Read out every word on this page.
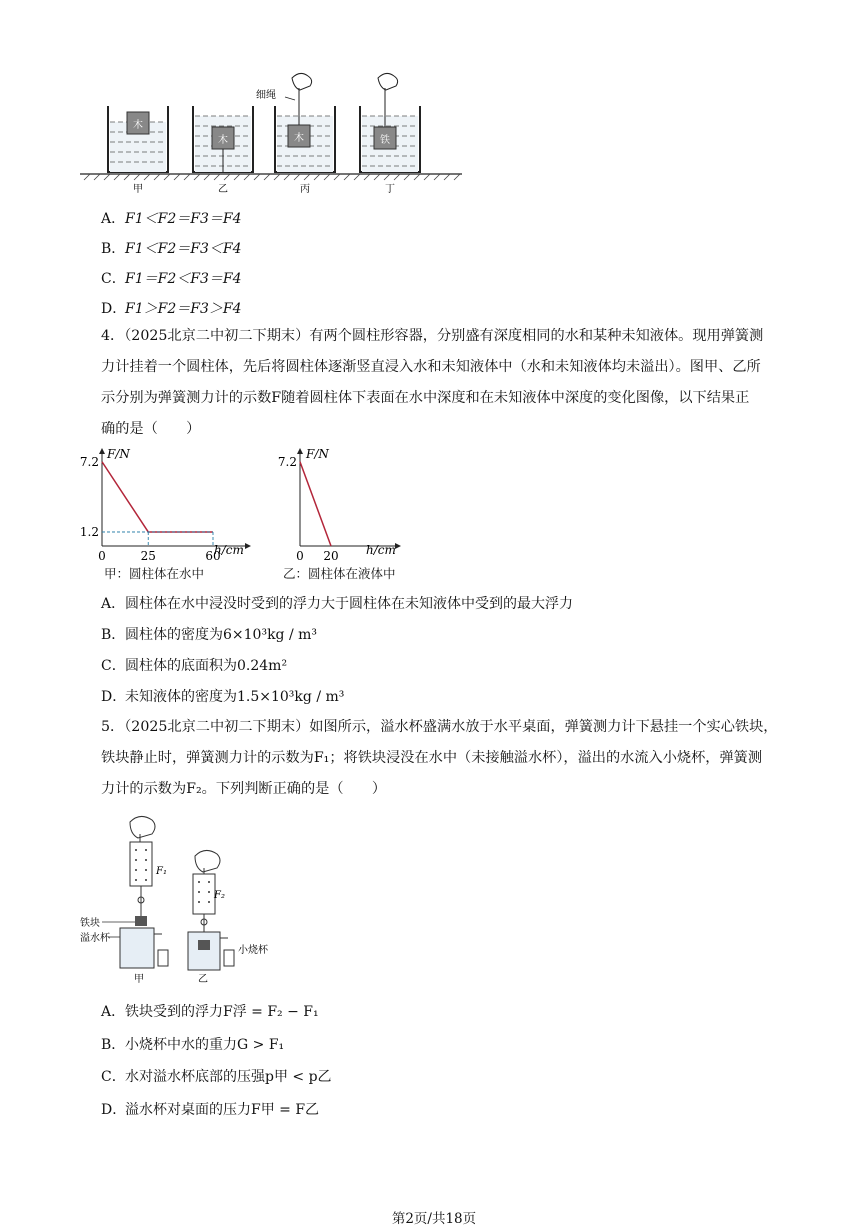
木
木	木	铁
细绳
甲	乙	丙	丁
A．F1＜F2＝F3＝F4
B．F1＜F2＝F3＜F4
C．F1＝F2＜F3＝F4
D．F1＞F2＝F3＞F4

4．（2025北京二中初二下期末）有两个圆柱形容器，分别盛有深度相同的水和某种未知液体。现用弹簧测

力计挂着一个圆柱体，先后将圆柱体逐渐竖直浸入水和未知液体中（水和未知液体均未溢出）。图甲、乙所

示分别为弹簧测力计的示数F随着圆柱体下表面在水中深度和在未知液体中深度的变化图像，以下结果正

确的是（　　）

F/N
h/cm
7.2
1.2
0	25	60
甲：圆柱体在水中
F/N
h/cm
7.2
0 20
乙：圆柱体在液体中
A．圆柱体在水中浸没时受到的浮力大于圆柱体在未知液体中受到的最大浮力
B．圆柱体的密度为6×10³kg / m³
C．圆柱体的底面积为0.24m²
D．未知液体的密度为1.5×10³kg / m³

5．（2025北京二中初二下期末）如图所示，溢水杯盛满水放于水平桌面，弹簧测力计下悬挂一个实心铁块，

铁块静止时，弹簧测力计的示数为F₁；将铁块浸没在水中（未接触溢水杯），溢出的水流入小烧杯，弹簧测

力计的示数为F₂。下列判断正确的是（　　）

F₁
F₂
铁块
溢水杯
小烧杯
甲	乙
A．铁块受到的浮力F浮 = F₂ − F₁
B．小烧杯中水的重力G > F₁
C．水对溢水杯底部的压强p甲 < p乙
D．溢水杯对桌面的压力F甲 = F乙
第2页/共18页
